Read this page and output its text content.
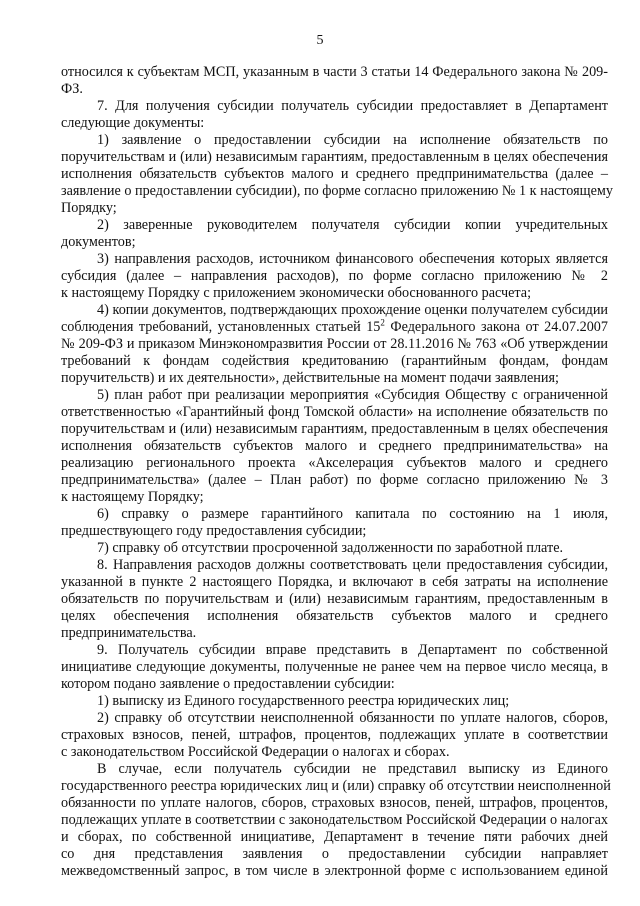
5
относился к субъектам МСП, указанным в части 3 статьи 14 Федерального закона № 209-
ФЗ.
7. Для получения субсидии получатель субсидии предоставляет в Департамент
следующие документы:
1) заявление о предоставлении субсидии на исполнение обязательств по
поручительствам и (или) независимым гарантиям, предоставленным в целях обеспечения
исполнения обязательств субъектов малого и среднего предпринимательства (далее –
заявление о предоставлении субсидии), по форме согласно приложению № 1 к настоящему
Порядку;
2) заверенные руководителем получателя субсидии копии учредительных
документов;
3) направления расходов, источником финансового обеспечения которых является
субсидия (далее – направления расходов), по форме согласно приложению № 2
к настоящему Порядку с приложением экономически обоснованного расчета;
4) копии документов, подтверждающих прохождение оценки получателем субсидии
соблюдения требований, установленных статьей $15^2$ Федерального закона от 24.07.2007
№ 209-ФЗ и приказом Минэкономразвития России от 28.11.2016 № 763 «Об утверждении
требований к фондам содействия кредитованию (гарантийным фондам, фондам
поручительств) и их деятельности», действительные на момент подачи заявления;
5) план работ при реализации мероприятия «Субсидия Обществу с ограниченной
ответственностью «Гарантийный фонд Томской области» на исполнение обязательств по
поручительствам и (или) независимым гарантиям, предоставленным в целях обеспечения
исполнения обязательств субъектов малого и среднего предпринимательства» на
реализацию регионального проекта «Акселерация субъектов малого и среднего
предпринимательства» (далее – План работ) по форме согласно приложению № 3
к настоящему Порядку;
6) справку о размере гарантийного капитала по состоянию на 1 июля,
предшествующего году предоставления субсидии;
7) справку об отсутствии просроченной задолженности по заработной плате.
8. Направления расходов должны соответствовать цели предоставления субсидии,
указанной в пункте 2 настоящего Порядка, и включают в себя затраты на исполнение
обязательств по поручительствам и (или) независимым гарантиям, предоставленным в
целях обеспечения исполнения обязательств субъектов малого и среднего
предпринимательства.
9. Получатель субсидии вправе представить в Департамент по собственной
инициативе следующие документы, полученные не ранее чем на первое число месяца, в
котором подано заявление о предоставлении субсидии:
1) выписку из Единого государственного реестра юридических лиц;
2) справку об отсутствии неисполненной обязанности по уплате налогов, сборов,
страховых взносов, пеней, штрафов, процентов, подлежащих уплате в соответствии
с законодательством Российской Федерации о налогах и сборах.
В случае, если получатель субсидии не представил выписку из Единого
государственного реестра юридических лиц и (или) справку об отсутствии неисполненной
обязанности по уплате налогов, сборов, страховых взносов, пеней, штрафов, процентов,
подлежащих уплате в соответствии с законодательством Российской Федерации о налогах
и сборах, по собственной инициативе, Департамент в течение пяти рабочих дней
со дня представления заявления о предоставлении субсидии направляет
межведомственный запрос, в том числе в электронной форме с использованием единой
